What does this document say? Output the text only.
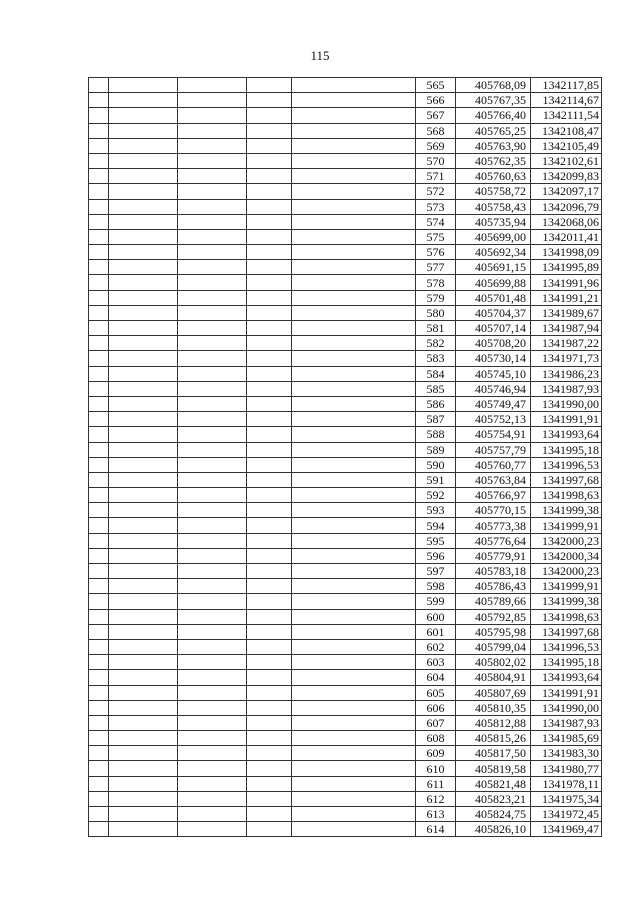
115
					565	405768,09	1342117,85
					566	405767,35	1342114,67
					567	405766,40	1342111,54
					568	405765,25	1342108,47
					569	405763,90	1342105,49
					570	405762,35	1342102,61
					571	405760,63	1342099,83
					572	405758,72	1342097,17
					573	405758,43	1342096,79
					574	405735,94	1342068,06
					575	405699,00	1342011,41
					576	405692,34	1341998,09
					577	405691,15	1341995,89
					578	405699,88	1341991,96
					579	405701,48	1341991,21
					580	405704,37	1341989,67
					581	405707,14	1341987,94
					582	405708,20	1341987,22
					583	405730,14	1341971,73
					584	405745,10	1341986,23
					585	405746,94	1341987,93
					586	405749,47	1341990,00
					587	405752,13	1341991,91
					588	405754,91	1341993,64
					589	405757,79	1341995,18
					590	405760,77	1341996,53
					591	405763,84	1341997,68
					592	405766,97	1341998,63
					593	405770,15	1341999,38
					594	405773,38	1341999,91
					595	405776,64	1342000,23
					596	405779,91	1342000,34
					597	405783,18	1342000,23
					598	405786,43	1341999,91
					599	405789,66	1341999,38
					600	405792,85	1341998,63
					601	405795,98	1341997,68
					602	405799,04	1341996,53
					603	405802,02	1341995,18
					604	405804,91	1341993,64
					605	405807,69	1341991,91
					606	405810,35	1341990,00
					607	405812,88	1341987,93
					608	405815,26	1341985,69
					609	405817,50	1341983,30
					610	405819,58	1341980,77
					611	405821,48	1341978,11
					612	405823,21	1341975,34
					613	405824,75	1341972,45
					614	405826,10	1341969,47
